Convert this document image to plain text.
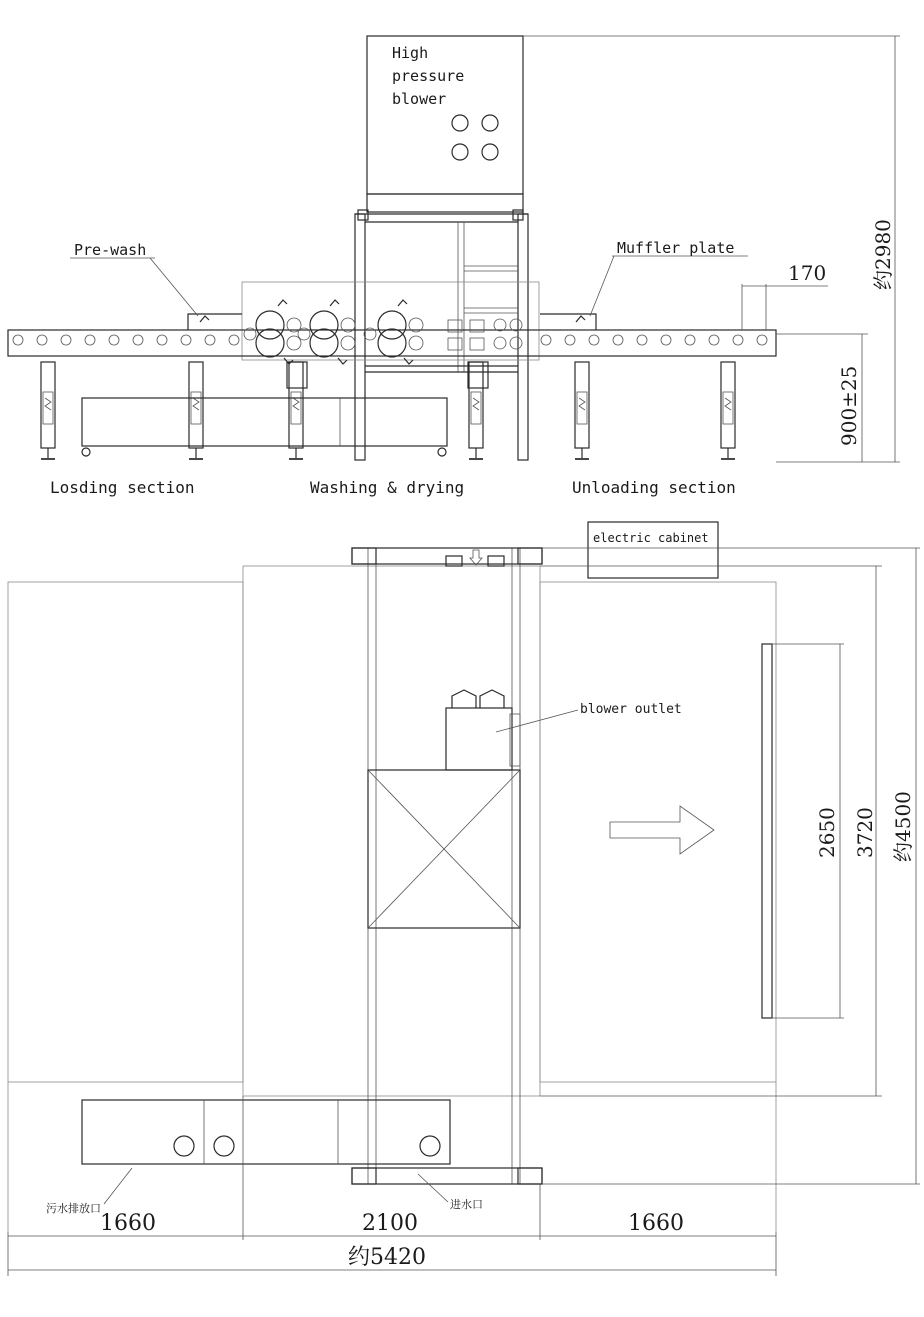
High
pressure
blower
Pre-wash	Muffler plate
170 约2980
900±25
Losding section	Washing & drying	Unloading section
electric cabinet
blower outlet
2650 3720 约4500
污水排放口	进水口
1660	2100	1660
约5420
